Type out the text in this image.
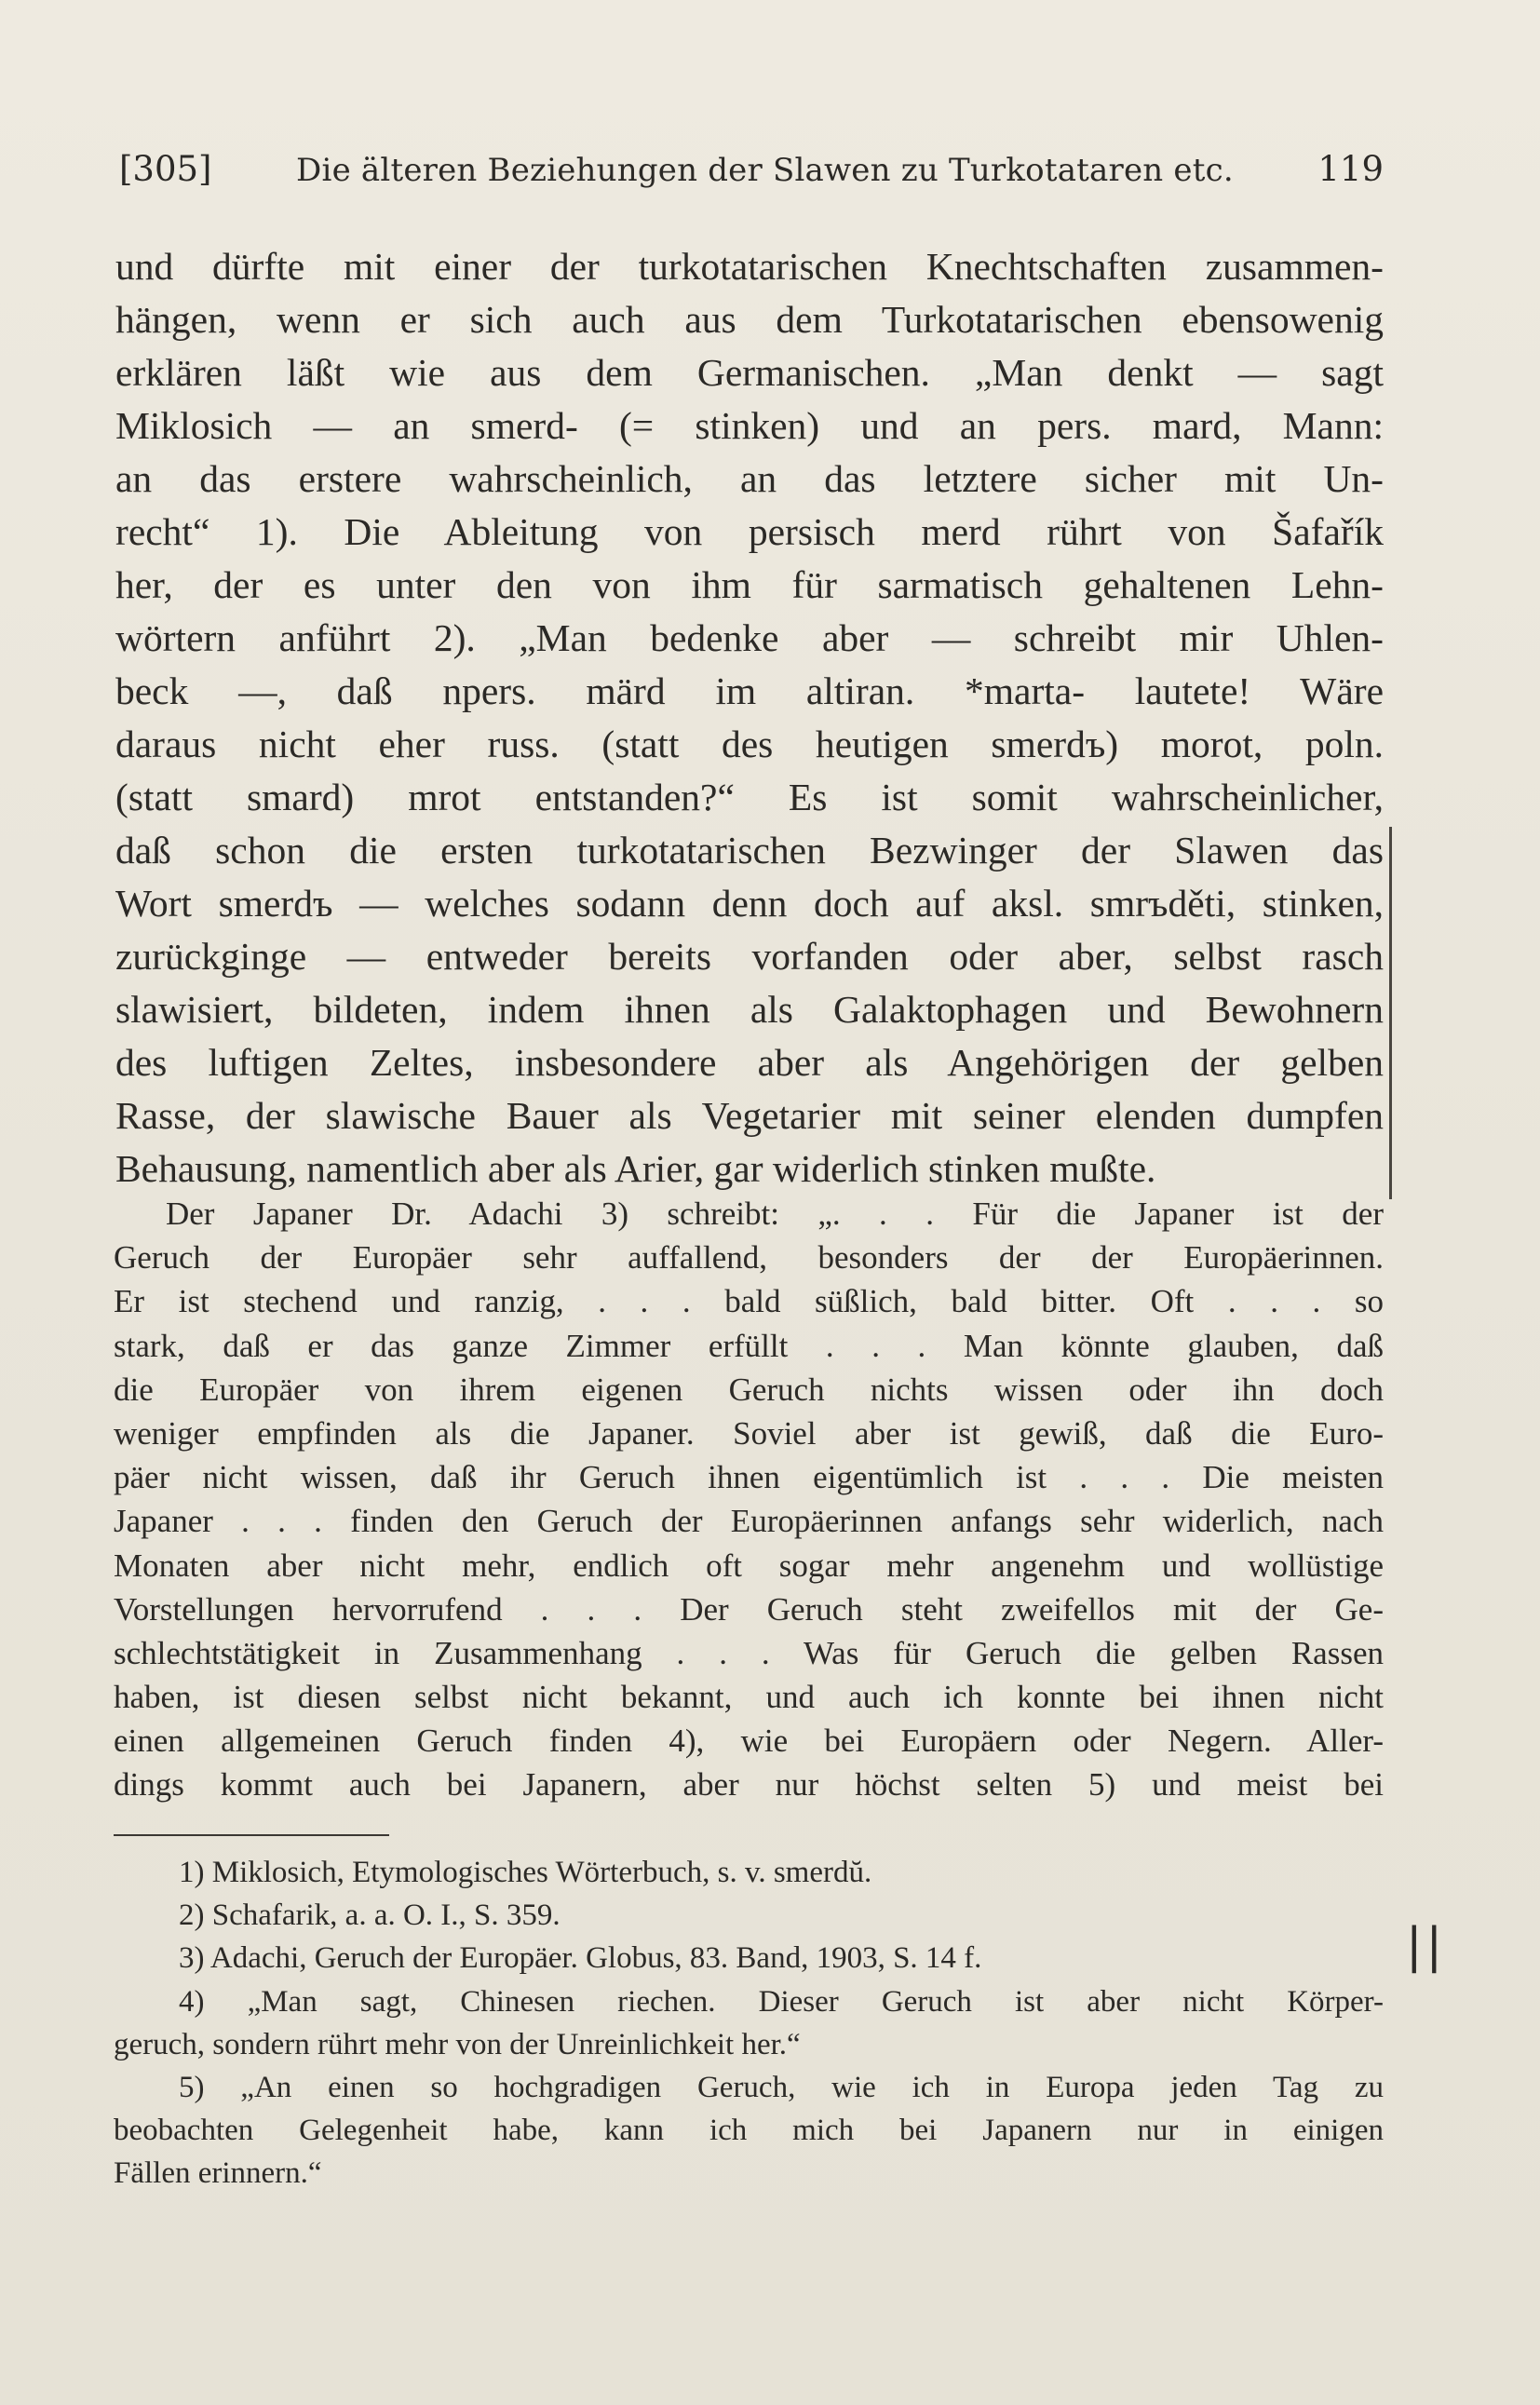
[305]	Die älteren Beziehungen der Slawen zu Turkotataren etc. 119
und dürfte mit einer der turkotatarischen Knechtschaften zusammen-
hängen, wenn er sich auch aus dem Turkotatarischen ebensowenig
erklären läßt wie aus dem Germanischen. „Man denkt — sagt
Miklosich — an smerd- (= stinken) und an pers. mard, Mann:
an das erstere wahrscheinlich, an das letztere sicher mit Un-
recht“ 1). Die Ableitung von persisch merd rührt von Šafařík
her, der es unter den von ihm für sarmatisch gehaltenen Lehn-
wörtern anführt 2). „Man bedenke aber — schreibt mir Uhlen-
beck —, daß npers. märd im altiran. *marta- lautete! Wäre
daraus nicht eher russ. (statt des heutigen smerdъ) morot, poln.
(statt smard) mrot entstanden?“ Es ist somit wahrscheinlicher,
daß schon die ersten turkotatarischen Bezwinger der Slawen das
Wort smerdъ — welches sodann denn doch auf aksl. smrъděti, stinken,
zurückginge — entweder bereits vorfanden oder aber, selbst rasch
slawisiert, bildeten, indem ihnen als Galaktophagen und Bewohnern
des luftigen Zeltes, insbesondere aber als Angehörigen der gelben
Rasse, der slawische Bauer als Vegetarier mit seiner elenden dumpfen
Behausung, namentlich aber als Arier, gar widerlich stinken mußte.
Der Japaner Dr. Adachi 3) schreibt: „. . . Für die Japaner ist der
Geruch der Europäer sehr auffallend, besonders der der Europäerinnen.
Er ist stechend und ranzig, . . . bald süßlich, bald bitter. Oft . . . so
stark, daß er das ganze Zimmer erfüllt . . . Man könnte glauben, daß
die Europäer von ihrem eigenen Geruch nichts wissen oder ihn doch
weniger empfinden als die Japaner. Soviel aber ist gewiß, daß die Euro-
päer nicht wissen, daß ihr Geruch ihnen eigentümlich ist . . . Die meisten
Japaner . . . finden den Geruch der Europäerinnen anfangs sehr widerlich, nach
Monaten aber nicht mehr, endlich oft sogar mehr angenehm und wollüstige
Vorstellungen hervorrufend . . . Der Geruch steht zweifellos mit der Ge-
schlechtstätigkeit in Zusammenhang . . . Was für Geruch die gelben Rassen
haben, ist diesen selbst nicht bekannt, und auch ich konnte bei ihnen nicht
einen allgemeinen Geruch finden 4), wie bei Europäern oder Negern. Aller-
dings kommt auch bei Japanern, aber nur höchst selten 5) und meist bei
1) Miklosich, Etymologisches Wörterbuch, s. v. smerdŭ.
2) Schafarik, a. a. O. I., S. 359.
3) Adachi, Geruch der Europäer. Globus, 83. Band, 1903, S. 14 f.
4) „Man sagt, Chinesen riechen. Dieser Geruch ist aber nicht Körper-
geruch, sondern rührt mehr von der Unreinlichkeit her.“
5) „An einen so hochgradigen Geruch, wie ich in Europa jeden Tag zu
beobachten Gelegenheit habe, kann ich mich bei Japanern nur in einigen
Fällen erinnern.“
||
